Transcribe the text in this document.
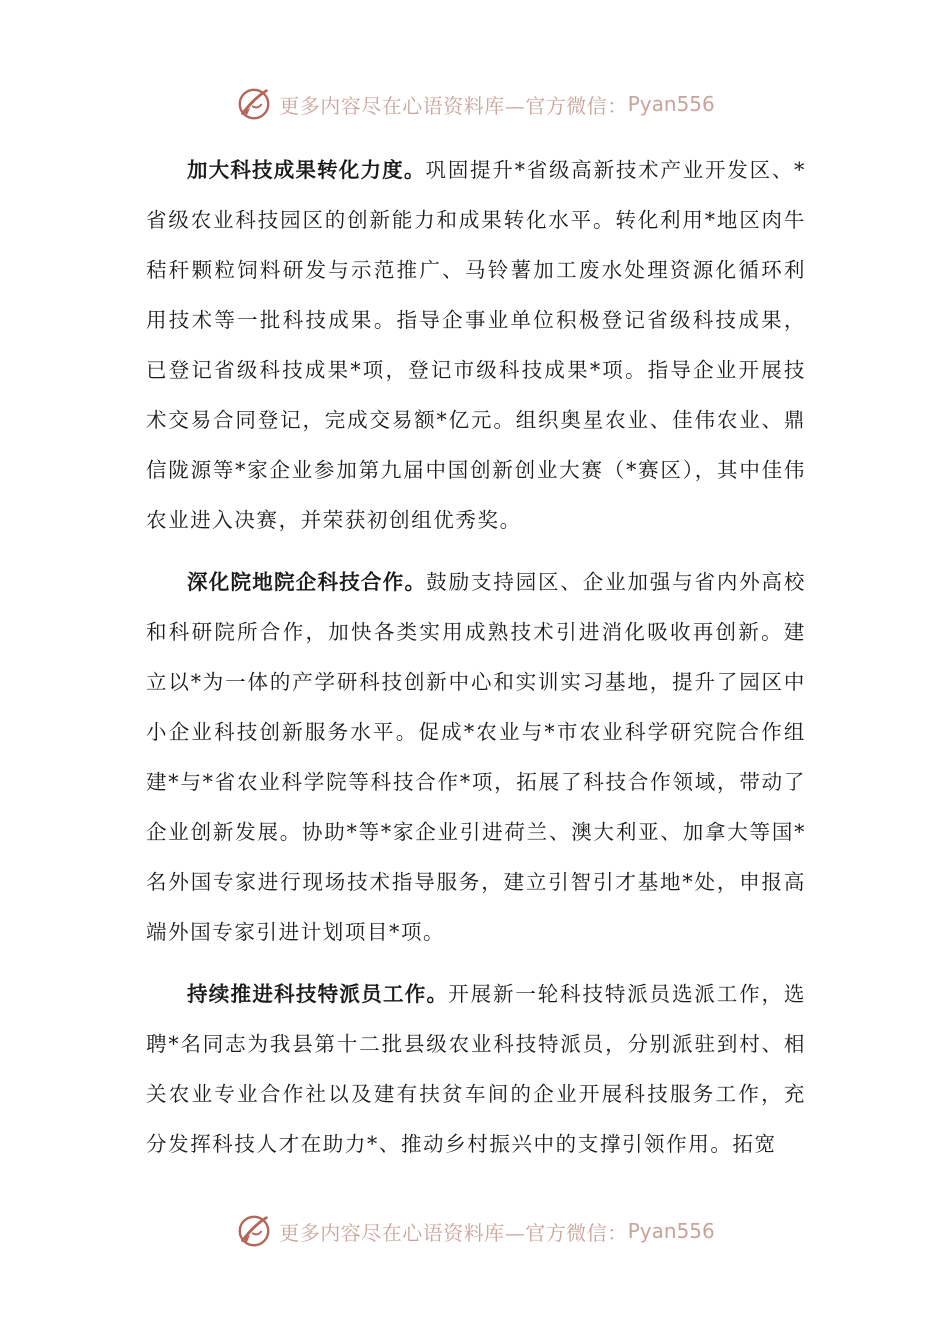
更多内容尽在心语资料库—官方微信： Pyan556

加大科技成果转化力度。巩固提升*省级高新技术产业开发区、*省级农业科技园区的创新能力和成果转化水平。转化利用*地区肉牛秸秆颗粒饲料研发与示范推广、马铃薯加工废水处理资源化循环利用技术等一批科技成果。指导企事业单位积极登记省级科技成果，已登记省级科技成果*项，登记市级科技成果*项。指导企业开展技术交易合同登记，完成交易额*亿元。组织奥星农业、佳伟农业、鼎信陇源等*家企业参加第九届中国创新创业大赛（*赛区），其中佳伟农业进入决赛，并荣获初创组优秀奖。

深化院地院企科技合作。鼓励支持园区、企业加强与省内外高校和科研院所合作，加快各类实用成熟技术引进消化吸收再创新。建立以*为一体的产学研科技创新中心和实训实习基地，提升了园区中小企业科技创新服务水平。促成*农业与*市农业科学研究院合作组建*与*省农业科学院等科技合作*项，拓展了科技合作领域，带动了企业创新发展。协助*等*家企业引进荷兰、澳大利亚、加拿大等国*名外国专家进行现场技术指导服务，建立引智引才基地*处，申报高端外国专家引进计划项目*项。

持续推进科技特派员工作。开展新一轮科技特派员选派工作，选聘*名同志为我县第十二批县级农业科技特派员，分别派驻到村、相关农业专业合作社以及建有扶贫车间的企业开展科技服务工作，充分发挥科技人才在助力*、推动乡村振兴中的支撑引领作用。拓宽

更多内容尽在心语资料库—官方微信： Pyan556
